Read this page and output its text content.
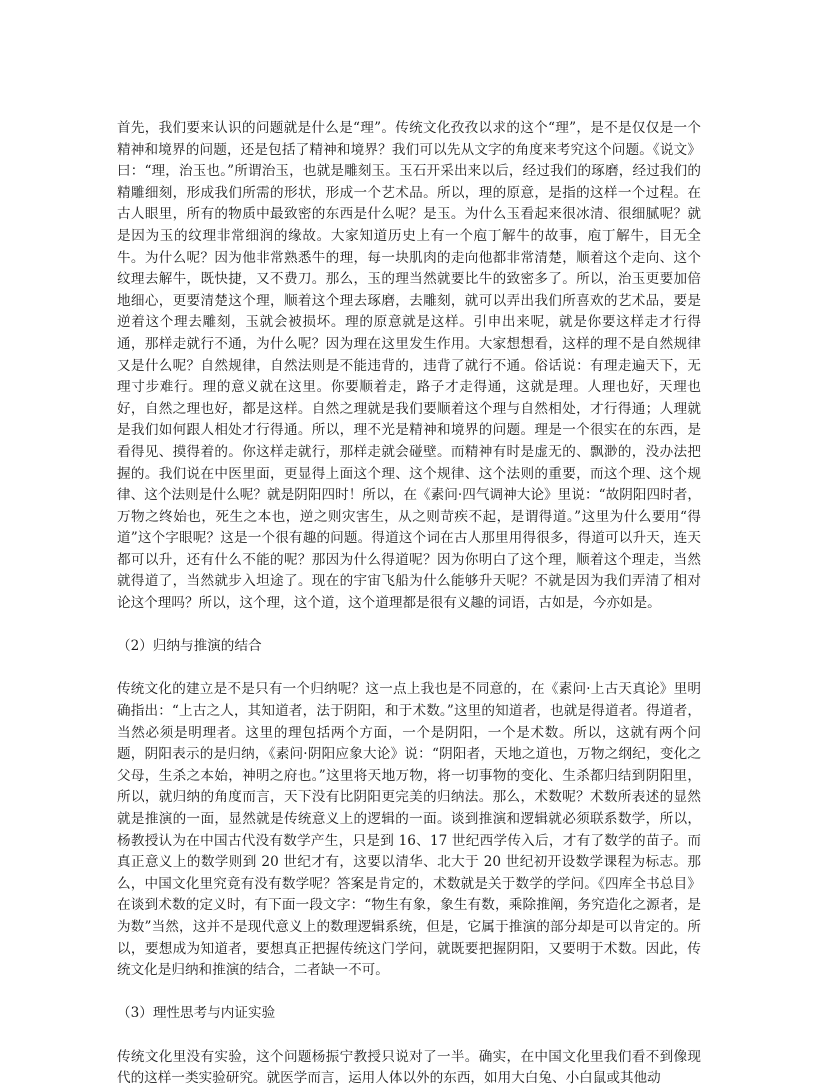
首先，我们要来认识的问题就是什么是“理”。传统文化孜孜以求的这个“理”，是不是仅仅是一个精神和境界的问题，还是包括了精神和境界？我们可以先从文字的角度来考究这个问题。《说文》曰：“理，治玉也。”所谓治玉，也就是雕刻玉。玉石开采出来以后，经过我们的琢磨，经过我们的精雕细刻，形成我们所需的形状，形成一个艺术品。所以，理的原意，是指的这样一个过程。在古人眼里，所有的物质中最致密的东西是什么呢？是玉。为什么玉看起来很冰清、很细腻呢？就是因为玉的纹理非常细润的缘故。大家知道历史上有一个庖丁解牛的故事，庖丁解牛，目无全牛。为什么呢？因为他非常熟悉牛的理，每一块肌肉的走向他都非常清楚，顺着这个走向、这个纹理去解牛，既快捷，又不费刀。那么，玉的理当然就要比牛的致密多了。所以，治玉更要加倍地细心，更要清楚这个理，顺着这个理去琢磨，去雕刻，就可以弄出我们所喜欢的艺术品，要是逆着这个理去雕刻，玉就会被损坏。理的原意就是这样。引申出来呢，就是你要这样走才行得通，那样走就行不通，为什么呢？因为理在这里发生作用。大家想想看，这样的理不是自然规律又是什么呢？自然规律，自然法则是不能违背的，违背了就行不通。俗话说：有理走遍天下，无理寸步难行。理的意义就在这里。你要顺着走，路子才走得通，这就是理。人理也好，天理也好，自然之理也好，都是这样。自然之理就是我们要顺着这个理与自然相处，才行得通；人理就是我们如何跟人相处才行得通。所以，理不光是精神和境界的问题。理是一个很实在的东西，是看得见、摸得着的。你这样走就行，那样走就会碰壁。而精神有时是虚无的、飘渺的，没办法把握的。我们说在中医里面，更显得上面这个理、这个规律、这个法则的重要，而这个理、这个规律、这个法则是什么呢？就是阴阳四时！所以，在《素问·四气调神大论》里说：“故阴阳四时者，万物之终始也，死生之本也，逆之则灾害生，从之则苛疾不起，是谓得道。”这里为什么要用“得道”这个字眼呢？这是一个很有趣的问题。得道这个词在古人那里用得很多，得道可以升天，连天都可以升，还有什么不能的呢？那因为什么得道呢？因为你明白了这个理，顺着这个理走，当然就得道了，当然就步入坦途了。现在的宇宙飞船为什么能够升天呢？不就是因为我们弄清了相对论这个理吗？所以，这个理，这个道，这个道理都是很有义趣的词语，古如是，今亦如是。

（2）归纳与推演的结合

传统文化的建立是不是只有一个归纳呢？这一点上我也是不同意的，在《素问·上古天真论》里明确指出：“上古之人，其知道者，法于阴阳，和于术数。”这里的知道者，也就是得道者。得道者，当然必须是明理者。这里的理包括两个方面，一个是阴阳，一个是术数。所以，这就有两个问题，阴阳表示的是归纳，《素问·阴阳应象大论》说：“阴阳者，天地之道也，万物之纲纪，变化之父母，生杀之本始，神明之府也。”这里将天地万物，将一切事物的变化、生杀都归结到阴阳里，所以，就归纳的角度而言，天下没有比阴阳更完美的归纳法。那么，术数呢？术数所表述的显然就是推演的一面，显然就是传统意义上的逻辑的一面。谈到推演和逻辑就必须联系数学，所以，杨教授认为在中国古代没有数学产生，只是到 16、17 世纪西学传入后，才有了数学的苗子。而真正意义上的数学则到 20 世纪才有，这要以清华、北大于 20 世纪初开设数学课程为标志。那么，中国文化里究竟有没有数学呢？答案是肯定的，术数就是关于数学的学问。《四库全书总目》在谈到术数的定义时，有下面一段文字：“物生有象，象生有数，乘除推阐，务究造化之源者，是为数”当然，这并不是现代意义上的数理逻辑系统，但是，它属于推演的部分却是可以肯定的。所以，要想成为知道者，要想真正把握传统这门学问，就既要把握阴阳，又要明于术数。因此，传统文化是归纳和推演的结合，二者缺一不可。

（3）理性思考与内证实验

传统文化里没有实验，这个问题杨振宁教授只说对了一半。确实，在中国文化里我们看不到像现代的这样一类实验研究。就医学而言，运用人体以外的东西，如用大白兔、小白鼠或其他动
